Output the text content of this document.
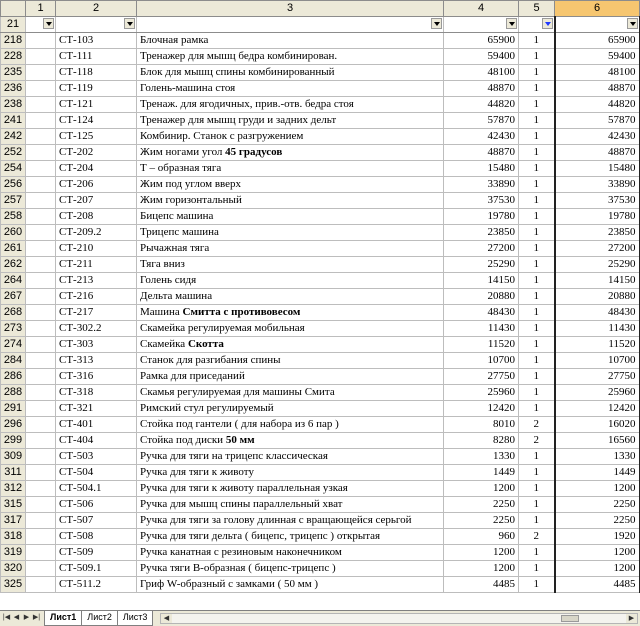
	1	2	3	4	5	6
21	

218		СТ-103	Блочная рамка	65900	1	65900
228		СТ-111	Тренажер для мышц бедра комбинирован.	59400	1	59400
235		СТ-118	Блок для мышц спины комбинированный	48100	1	48100
236		СТ-119	Голень-машина стоя	48870	1	48870
238		СТ-121	Тренаж. для ягодичных, прив.-отв. бедра стоя	44820	1	44820
241		СТ-124	Тренажер для мышц груди и задних дельт	57870	1	57870
242		СТ-125	Комбинир. Станок с разгружением	42430	1	42430
252		СТ-202	Жим ногами угол 45 градусов	48870	1	48870
254		СТ-204	Т – образная тяга	15480	1	15480
256		СТ-206	Жим под углом вверх	33890	1	33890
257		СТ-207	Жим горизонтальный	37530	1	37530
258		СТ-208	Бицепс машина	19780	1	19780
260		СТ-209.2	Трицепс машина	23850	1	23850
261		СТ-210	Рычажная тяга	27200	1	27200
262		СТ-211	Тяга вниз	25290	1	25290
264		СТ-213	Голень сидя	14150	1	14150
267		СТ-216	Дельта машина	20880	1	20880
268		СТ-217	Машина Смитта с противовесом	48430	1	48430
273		СТ-302.2	Скамейка регулируемая мобильная	11430	1	11430
274		СТ-303	Скамейка Скотта	11520	1	11520
284		СТ-313	Станок для разгибания спины	10700	1	10700
286		СТ-316	Рамка для приседаний	27750	1	27750
288		СТ-318	Скамья регулируемая для машины Смита	25960	1	25960
291		СТ-321	Римский стул регулируемый	12420	1	12420
296		СТ-401	Стойка под гантели ( для набора из 6 пар )	8010	2	16020
299		СТ-404	Стойка под диски 50 мм	8280	2	16560
309		СТ-503	Ручка для тяги на трицепс классическая	1330	1	1330
311		СТ-504	Ручка для тяги к животу	1449	1	1449
312		СТ-504.1	Ручка для тяги к животу параллельная узкая	1200	1	1200
315		СТ-506	Ручка для мышц спины параллельный хват	2250	1	2250
317		СТ-507	Ручка для тяги за голову длинная с вращающейся серьгой	2250	1	2250
318		СТ-508	Ручка для тяги дельта ( бицепс, трицепс ) открытая	960	2	1920
319		СТ-509	Ручка канатная с резиновым наконечником	1200	1	1200
320		СТ-509.1	Ручка тяги В-образная ( бицепс-трицепс )	1200	1	1200
325		СТ-511.2	Гриф W-образный с замками ( 50 мм )	4485	1	4485
|◀ ◀ ▶ ▶|	Лист1	Лист2	Лист3	◀	▶
